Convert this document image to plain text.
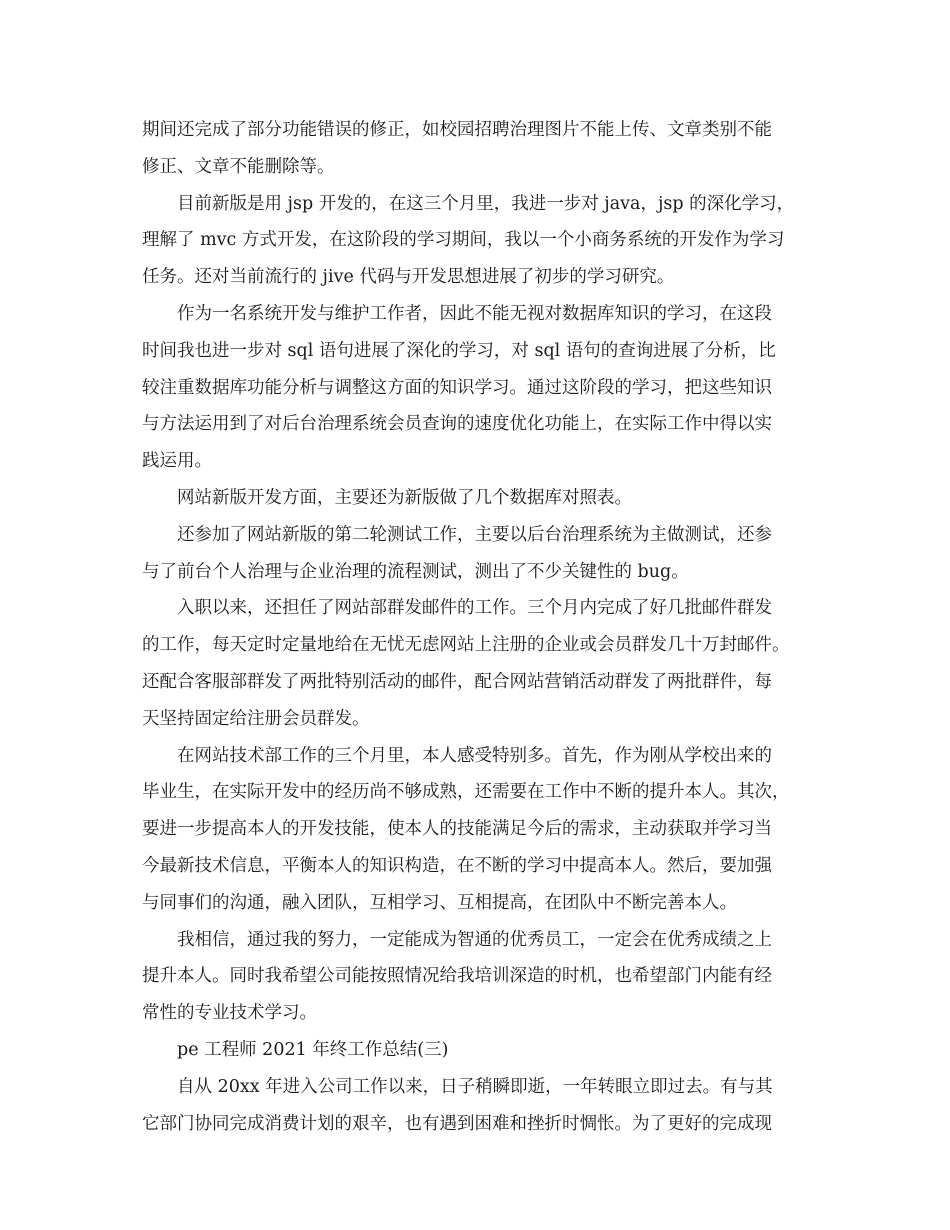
期间还完成了部分功能错误的修正，如校园招聘治理图片不能上传、文章类别不能
修正、文章不能删除等。

目前新版是用 jsp 开发的，在这三个月里，我进一步对 java，jsp 的深化学习，
理解了 mvc 方式开发，在这阶段的学习期间，我以一个小商务系统的开发作为学习
任务。还对当前流行的 jive 代码与开发思想进展了初步的学习研究。

作为一名系统开发与维护工作者，因此不能无视对数据库知识的学习，在这段
时间我也进一步对 sql 语句进展了深化的学习，对 sql 语句的查询进展了分析，比
较注重数据库功能分析与调整这方面的知识学习。通过这阶段的学习，把这些知识
与方法运用到了对后台治理系统会员查询的速度优化功能上，在实际工作中得以实
践运用。

网站新版开发方面，主要还为新版做了几个数据库对照表。

还参加了网站新版的第二轮测试工作，主要以后台治理系统为主做测试，还参
与了前台个人治理与企业治理的流程测试，测出了不少关键性的 bug。

入职以来，还担任了网站部群发邮件的工作。三个月内完成了好几批邮件群发
的工作，每天定时定量地给在无忧无虑网站上注册的企业或会员群发几十万封邮件。
还配合客服部群发了两批特别活动的邮件，配合网站营销活动群发了两批群件，每
天坚持固定给注册会员群发。

在网站技术部工作的三个月里，本人感受特别多。首先，作为刚从学校出来的
毕业生，在实际开发中的经历尚不够成熟，还需要在工作中不断的提升本人。其次，
要进一步提高本人的开发技能，使本人的技能满足今后的需求，主动获取并学习当
今最新技术信息，平衡本人的知识构造，在不断的学习中提高本人。然后，要加强
与同事们的沟通，融入团队，互相学习、互相提高，在团队中不断完善本人。

我相信，通过我的努力，一定能成为智通的优秀员工，一定会在优秀成绩之上
提升本人。同时我希望公司能按照情况给我培训深造的时机，也希望部门内能有经
常性的专业技术学习。

pe 工程师 2021 年终工作总结(三)

自从 20xx 年进入公司工作以来，日子稍瞬即逝，一年转眼立即过去。有与其
它部门协同完成消费计划的艰辛，也有遇到困难和挫折时惆怅。为了更好的完成现
